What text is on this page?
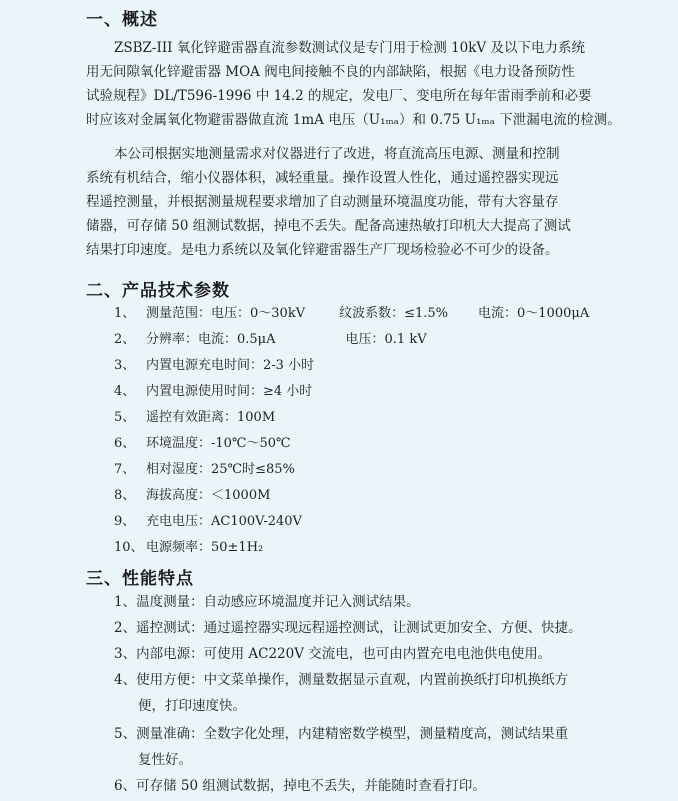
一、概述
ZSBZ-III 氧化锌避雷器直流参数测试仪是专门用于检测 10kV 及以下电力系统
用无间隙氧化锌避雷器 MOA 阀电间接触不良的内部缺陷，根据《电力设备预防性
试验规程》DL/T596-1996 中 14.2 的规定，发电厂、变电所在每年雷雨季前和必要
时应该对金属氧化物避雷器做直流 1mA 电压（U₁ₘₐ）和 0.75 U₁ₘₐ 下泄漏电流的检测。
本公司根据实地测量需求对仪器进行了改进，将直流高压电源、测量和控制
系统有机结合，缩小仪器体积，减轻重量。操作设置人性化，通过遥控器实现远
程遥控测量，并根据测量规程要求增加了自动测量环境温度功能，带有大容量存
储器，可存储 50 组测试数据，掉电不丢失。配备高速热敏打印机大大提高了测试
结果打印速度。是电力系统以及氧化锌避雷器生产厂现场检验必不可少的设备。
二、产品技术参数
1、 测量范围：电压：0～30kV	纹波系数：≤1.5% 电流：0～1000μA
2、 分辨率：电流：0.5μA	电压：0.1 kV
3、 内置电源充电时间：2-3 小时
4、 内置电源使用时间：≥4 小时
5、 遥控有效距离：100M
6、 环境温度：-10℃～50℃
7、 相对湿度：25℃时≤85%
8、 海拔高度：＜1000M
9、 充电电压：AC100V-240V
10、 电源频率：50±1H₂
三、性能特点
1、温度测量：自动感应环境温度并记入测试结果。
2、遥控测试：通过遥控器实现远程遥控测试，让测试更加安全、方便、快捷。
3、内部电源：可使用 AC220V 交流电，也可由内置充电电池供电使用。
4、使用方便：中文菜单操作，测量数据显示直观，内置前换纸打印机换纸方
便，打印速度快。
5、测量准确：全数字化处理，内建精密数学模型，测量精度高，测试结果重
复性好。
6、可存储 50 组测试数据，掉电不丢失，并能随时查看打印。
